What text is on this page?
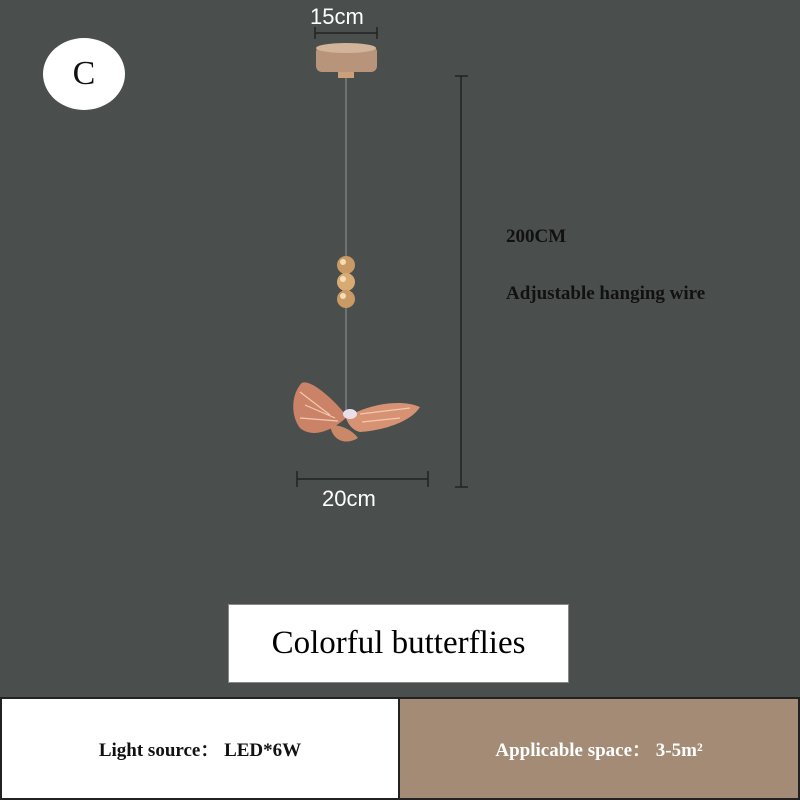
C
15cm
20cm
200CM
Adjustable hanging wire
Colorful butterflies
Light source： LED*6W	Applicable space： 3-5m²
